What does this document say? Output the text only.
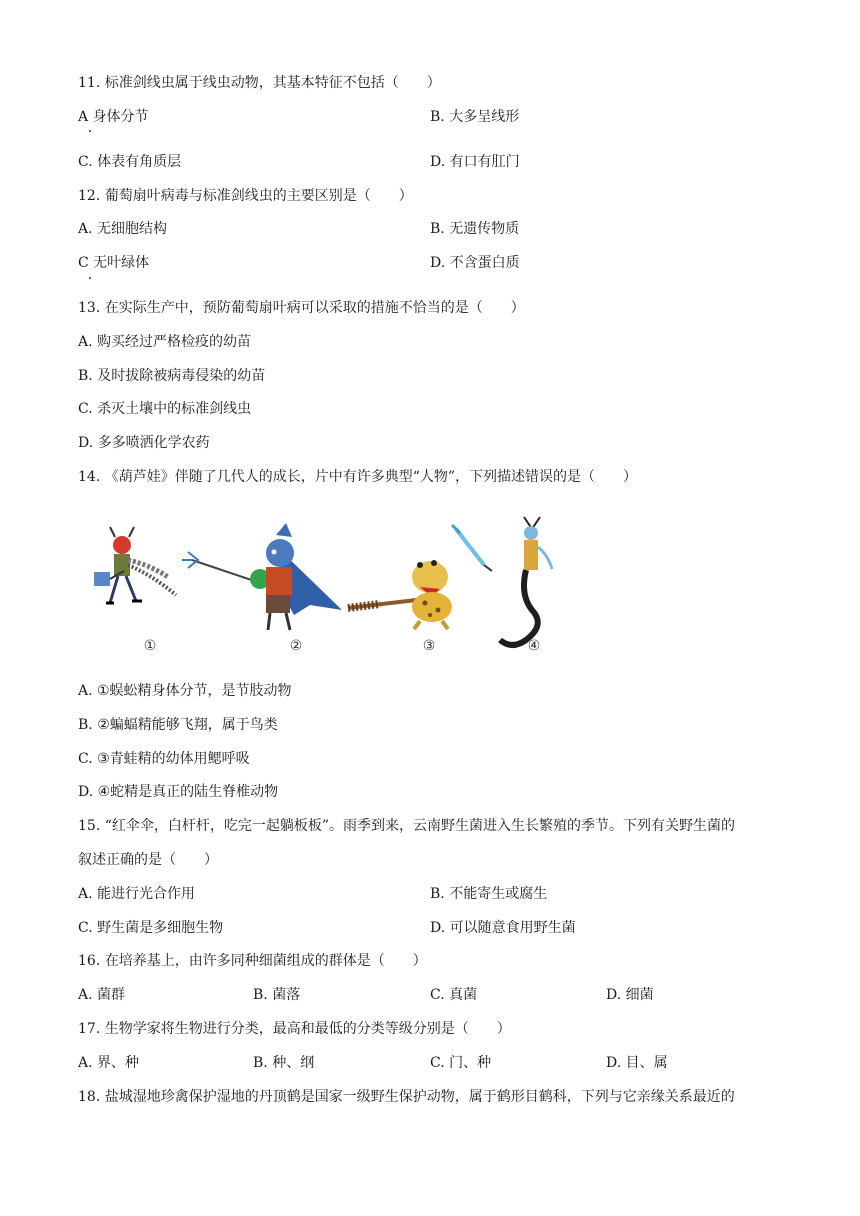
11. 标准剑线虫属于线虫动物，其基本特征不包括（　　）
A 身体分节	B. 大多呈线形
C. 体表有角质层	D. 有口有肛门
12. 葡萄扇叶病毒与标准剑线虫的主要区别是（　　）
A. 无细胞结构	B. 无遗传物质
C 无叶绿体	D. 不含蛋白质
13. 在实际生产中，预防葡萄扇叶病可以采取的措施不恰当的是（　　）
A. 购买经过严格检疫的幼苗
B. 及时拔除被病毒侵染的幼苗
C. 杀灭土壤中的标准剑线虫
D. 多多喷洒化学农药
14. 《葫芦娃》伴随了几代人的成长，片中有许多典型“人物”，下列描述错误的是（　　）
①	②	③	④
A. ①蜈蚣精身体分节，是节肢动物
B. ②蝙蝠精能够飞翔，属于鸟类
C. ③青蛙精的幼体用鳃呼吸
D. ④蛇精是真正的陆生脊椎动物
15. “红伞伞，白杆杆，吃完一起躺板板”。雨季到来，云南野生菌进入生长繁殖的季节。下列有关野生菌的
叙述正确的是（　　）
A. 能进行光合作用	B. 不能寄生或腐生
C. 野生菌是多细胞生物	D. 可以随意食用野生菌
16. 在培养基上，由许多同种细菌组成的群体是（　　）
A. 菌群	B. 菌落	C. 真菌	D. 细菌
17. 生物学家将生物进行分类，最高和最低的分类等级分别是（　　）
A. 界、种	B. 种、纲	C. 门、种	D. 目、属
18. 盐城湿地珍禽保护湿地的丹顶鹤是国家一级野生保护动物，属于鹤形目鹤科，下列与它亲缘关系最近的
